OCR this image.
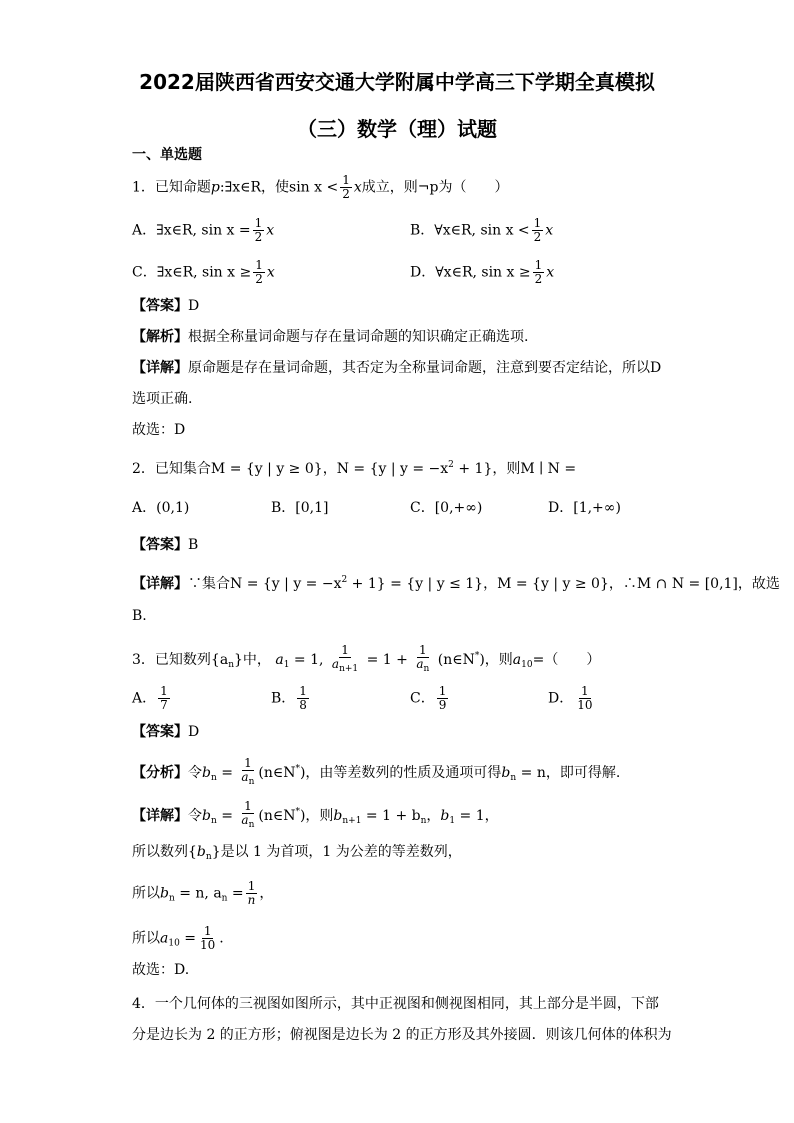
2022届陕西省西安交通大学附属中学高三下学期全真模拟
（三）数学（理）试题
一、单选题
1．已知命题p:∃x∈R，使$\sin x < \frac{1}{2}$ x成立，则¬p为（　　）
A．∃x∈R, $\sin x = \frac{1}{2}$ x	B．∀x∈R, $\sin x < \frac{1}{2}$ x
C．∃x∈R, $\sin x \ge \frac{1}{2}$ x	D．∀x∈R, $\sin x \ge \frac{1}{2}$ x
【答案】D
【解析】根据全称量词命题与存在量词命题的知识确定正确选项.
【详解】原命题是存在量词命题，其否定为全称量词命题，注意到要否定结论，所以D
选项正确.
故选：D
2．已知集合M = {y | y ≥ 0}，N = {y | $y = -x^2 + 1$}，则M ∣ N =
A．(0,1)	B．[0,1]	C．[0,+∞)	D．[1,+∞)
【答案】B
【详解】∵集合N = {y | $y = -x^2 + 1\} = \{y$ | y ≤ 1}，M = {y | y ≥ 0}，∴M ∩ N = [0,1]，故选
B.
3．已知数列$\{a_n\}$中， $a_1 = 1$, $\frac{1}{a_{n+1}} = 1 + \frac{1}{a_n}$ (n∈N*)，则$a_{10}=$（　　）
A． $\frac{1}{7}$	B． $\frac{1}{8}$	C． $\frac{1}{9}$	D． $\frac{1}{10}$
【答案】D
【分析】令$b_n = \frac{1}{a_n}$ (n∈N*)，由等差数列的性质及通项可得$b_n = n$，即可得解.
【详解】令$b_n = \frac{1}{a_n}$ (n∈N*)，则$b_{n+1} = 1 + b_n$，$b_1 = 1$，
所以数列$\{b_n\}$是以 1 为首项，1 为公差的等差数列，
所以$b_n = n$, $a_n = \frac{1}{n}$ ，
所以$a_{10} = \frac{1}{10}$ .
故选：D.
4．一个几何体的三视图如图所示，其中正视图和侧视图相同，其上部分是半圆，下部
分是边长为 2 的正方形；俯视图是边长为 2 的正方形及其外接圆．则该几何体的体积为
